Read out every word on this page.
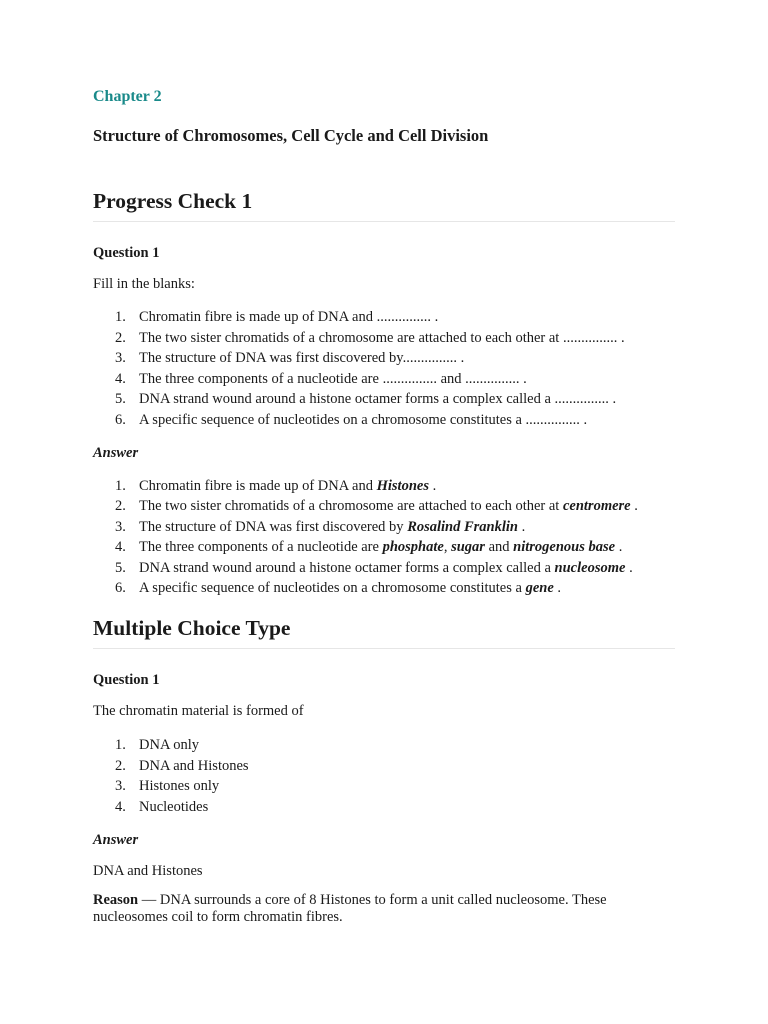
Chapter 2

Structure of Chromosomes, Cell Cycle and Cell Division

Progress Check 1

Question 1

Fill in the blanks:

1. Chromatin fibre is made up of DNA and ............... .
2. The two sister chromatids of a chromosome are attached to each other at ............... .
3. The structure of DNA was first discovered by............... .
4. The three components of a nucleotide are ............... and ............... .
5. DNA strand wound around a histone octamer forms a complex called a ............... .
6. A specific sequence of nucleotides on a chromosome constitutes a ............... .

Answer

1. Chromatin fibre is made up of DNA and Histones .
2. The two sister chromatids of a chromosome are attached to each other at centromere .
3. The structure of DNA was first discovered by Rosalind Franklin .
4. The three components of a nucleotide are phosphate, sugar and nitrogenous base .
5. DNA strand wound around a histone octamer forms a complex called a nucleosome .
6. A specific sequence of nucleotides on a chromosome constitutes a gene .
Multiple Choice Type

Question 1

The chromatin material is formed of

1. DNA only
2. DNA and Histones
3. Histones only
4. Nucleotides

Answer

DNA and Histones

Reason — DNA surrounds a core of 8 Histones to form a unit called nucleosome. These nucleosomes coil to form chromatin fibres.
